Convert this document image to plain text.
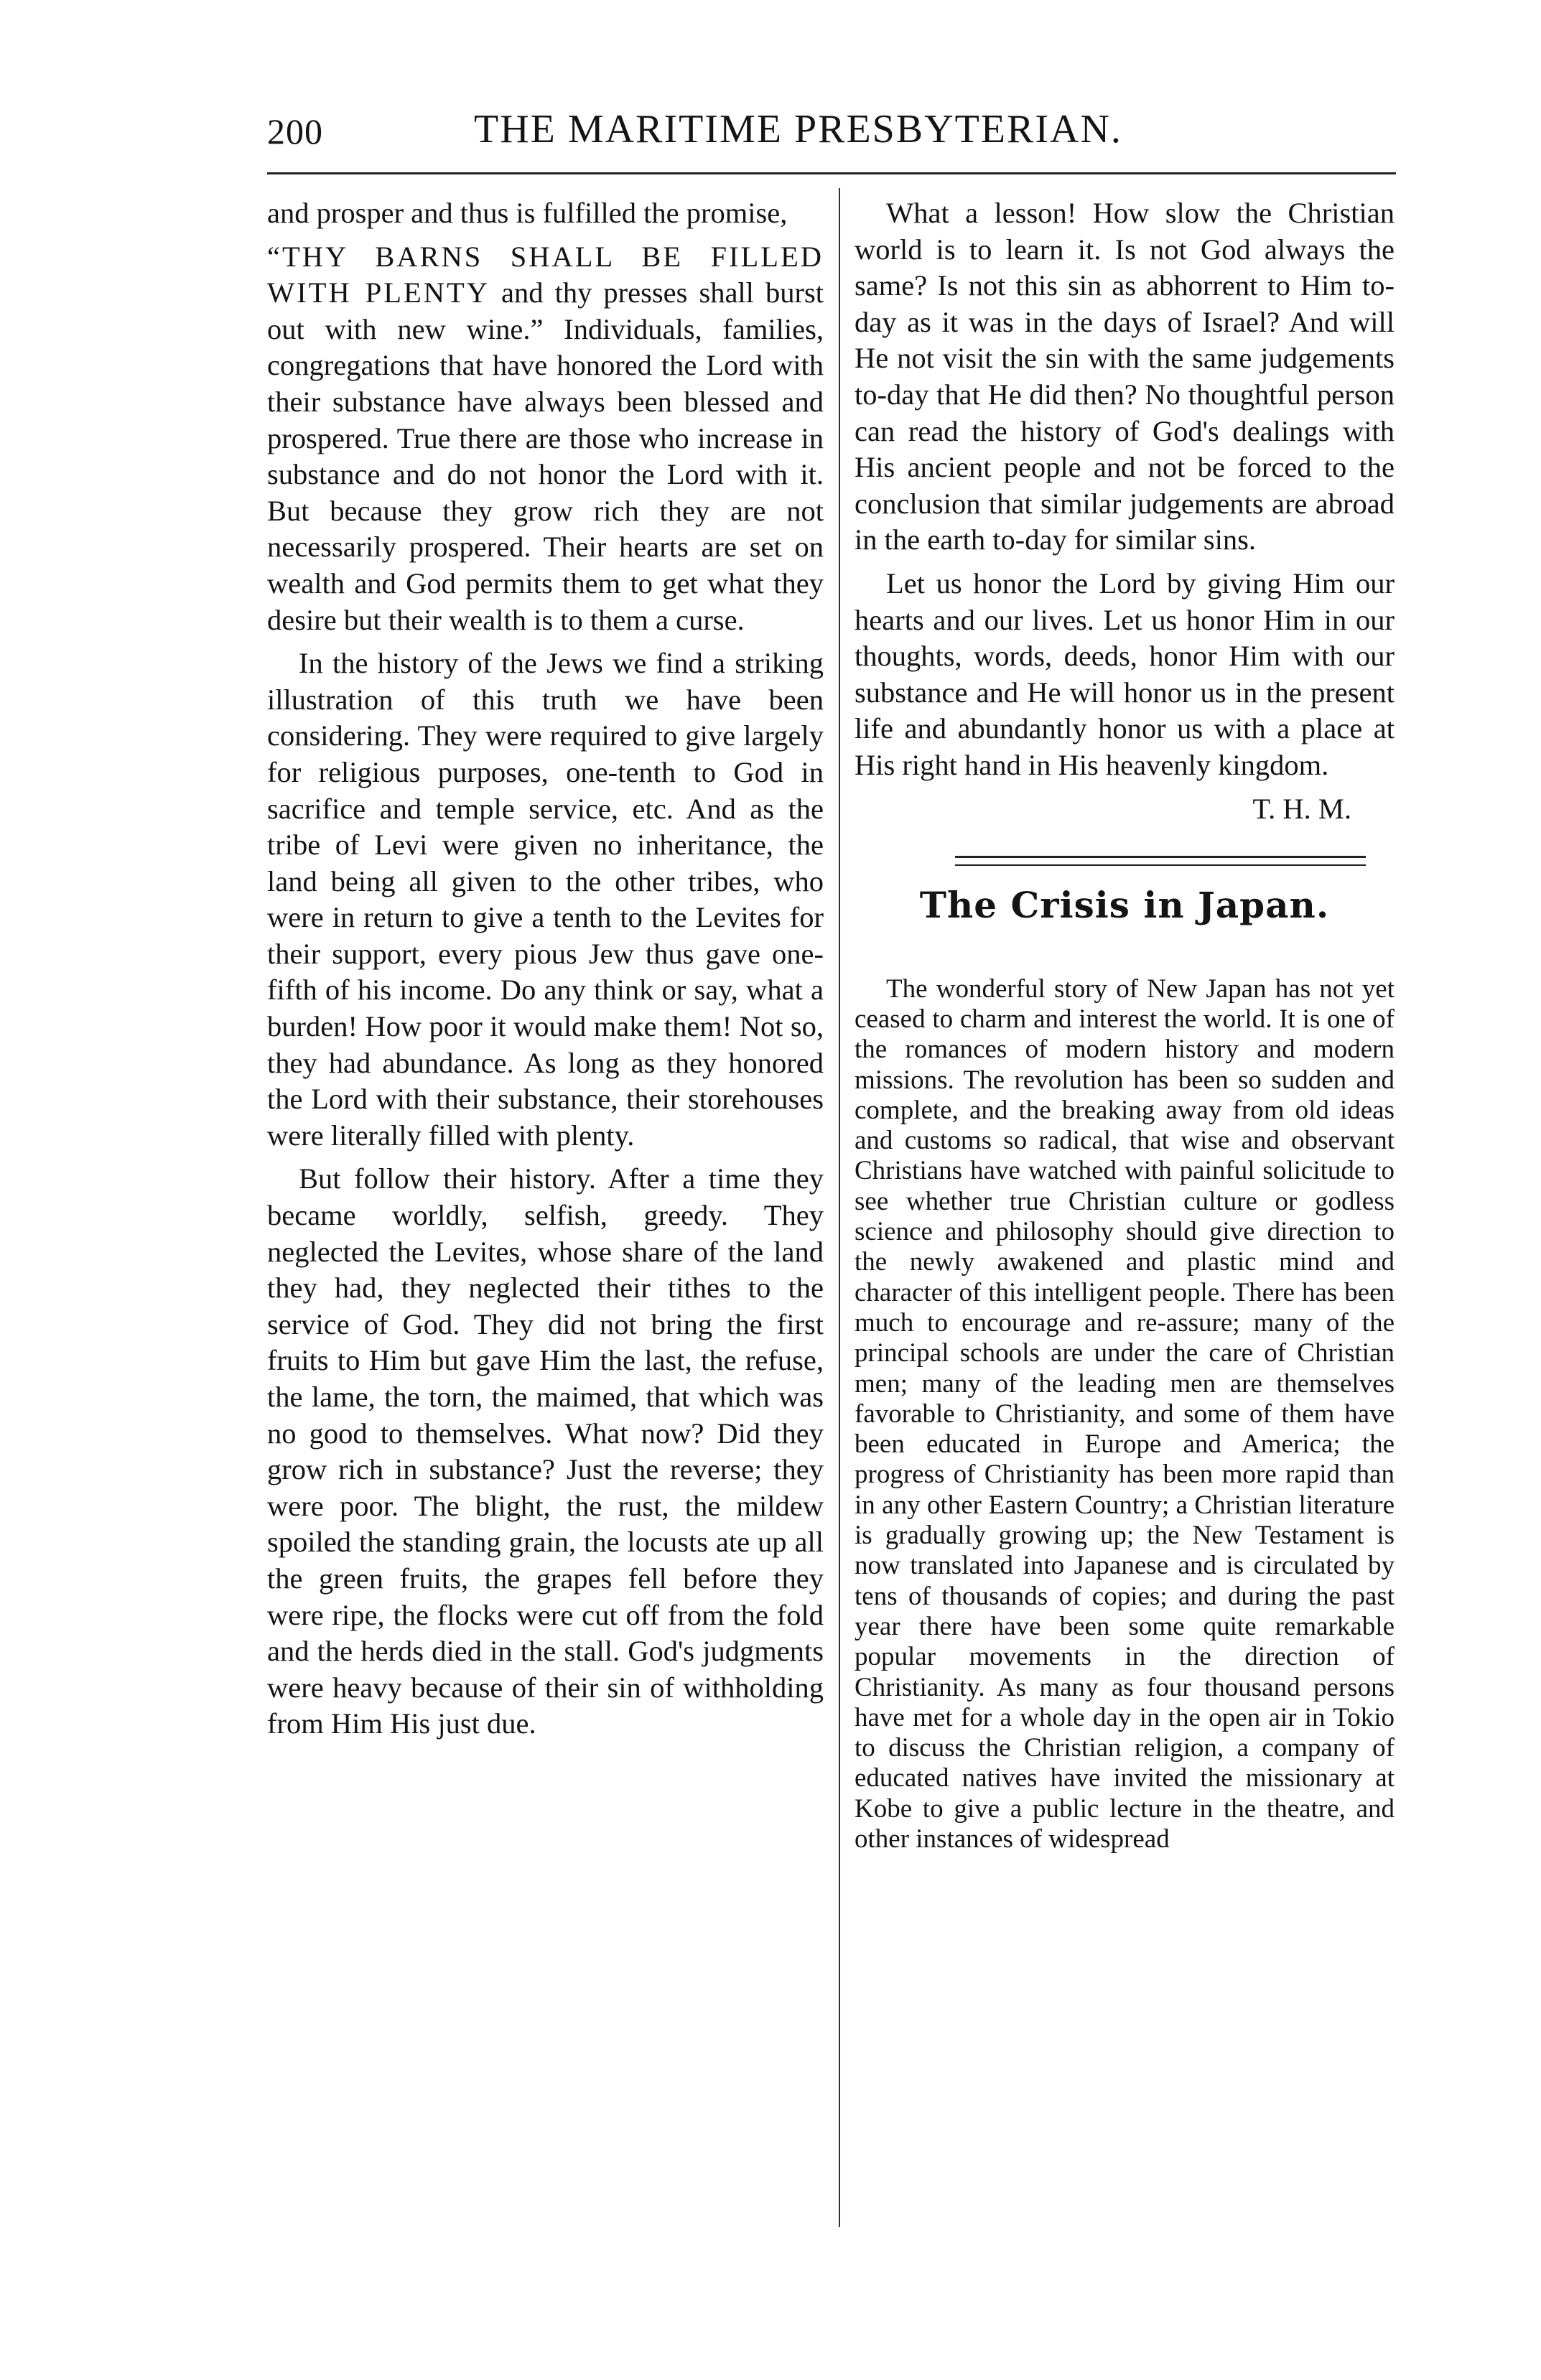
200	THE MARITIME PRESBYTERIAN.

and prosper and thus is fulfilled the promise,

“THY BARNS SHALL BE FILLED WITH PLENTY and thy presses shall burst out with new wine.” Individuals, families, congregations that have honored the Lord with their substance have always been blessed and prospered. True there are those who increase in substance and do not honor the Lord with it. But because they grow rich they are not necessarily prospered. Their hearts are set on wealth and God permits them to get what they desire but their wealth is to them a curse.

In the history of the Jews we find a striking illustration of this truth we have been considering. They were required to give largely for religious purposes, one-tenth to God in sacrifice and temple service, etc. And as the tribe of Levi were given no inheritance, the land being all given to the other tribes, who were in return to give a tenth to the Levites for their support, every pious Jew thus gave one-fifth of his income. Do any think or say, what a burden! How poor it would make them! Not so, they had abundance. As long as they honored the Lord with their substance, their storehouses were literally filled with plenty.

But follow their history. After a time they became worldly, selfish, greedy. They neglected the Levites, whose share of the land they had, they neglected their tithes to the service of God. They did not bring the first fruits to Him but gave Him the last, the refuse, the lame, the torn, the maimed, that which was no good to themselves. What now? Did they grow rich in substance? Just the reverse; they were poor. The blight, the rust, the mildew spoiled the standing grain, the locusts ate up all the green fruits, the grapes fell before they were ripe, the flocks were cut off from the fold and the herds died in the stall. God's judgments were heavy because of their sin of withholding from Him His just due.

What a lesson! How slow the Christian world is to learn it. Is not God always the same? Is not this sin as abhorrent to Him to-day as it was in the days of Israel? And will He not visit the sin with the same judgements to-day that He did then? No thoughtful person can read the history of God's dealings with His ancient people and not be forced to the conclusion that similar judgements are abroad in the earth to-day for similar sins.

Let us honor the Lord by giving Him our hearts and our lives. Let us honor Him in our thoughts, words, deeds, honor Him with our substance and He will honor us in the present life and abundantly honor us with a place at His right hand in His heavenly kingdom.

T. H. M.

The Crisis in Japan.

The wonderful story of New Japan has not yet ceased to charm and interest the world. It is one of the romances of modern history and modern missions. The revolution has been so sudden and complete, and the breaking away from old ideas and customs so radical, that wise and observant Christians have watched with painful solicitude to see whether true Christian culture or godless science and philosophy should give direction to the newly awakened and plastic mind and character of this intelligent people. There has been much to encourage and re-assure; many of the principal schools are under the care of Christian men; many of the leading men are themselves favorable to Christianity, and some of them have been educated in Europe and America; the progress of Christianity has been more rapid than in any other Eastern Country; a Christian literature is gradually growing up; the New Testament is now translated into Japanese and is circulated by tens of thousands of copies; and during the past year there have been some quite remarkable popular movements in the direction of Christianity. As many as four thousand persons have met for a whole day in the open air in Tokio to discuss the Christian religion, a company of educated natives have invited the missionary at Kobe to give a public lecture in the theatre, and other instances of widespread
